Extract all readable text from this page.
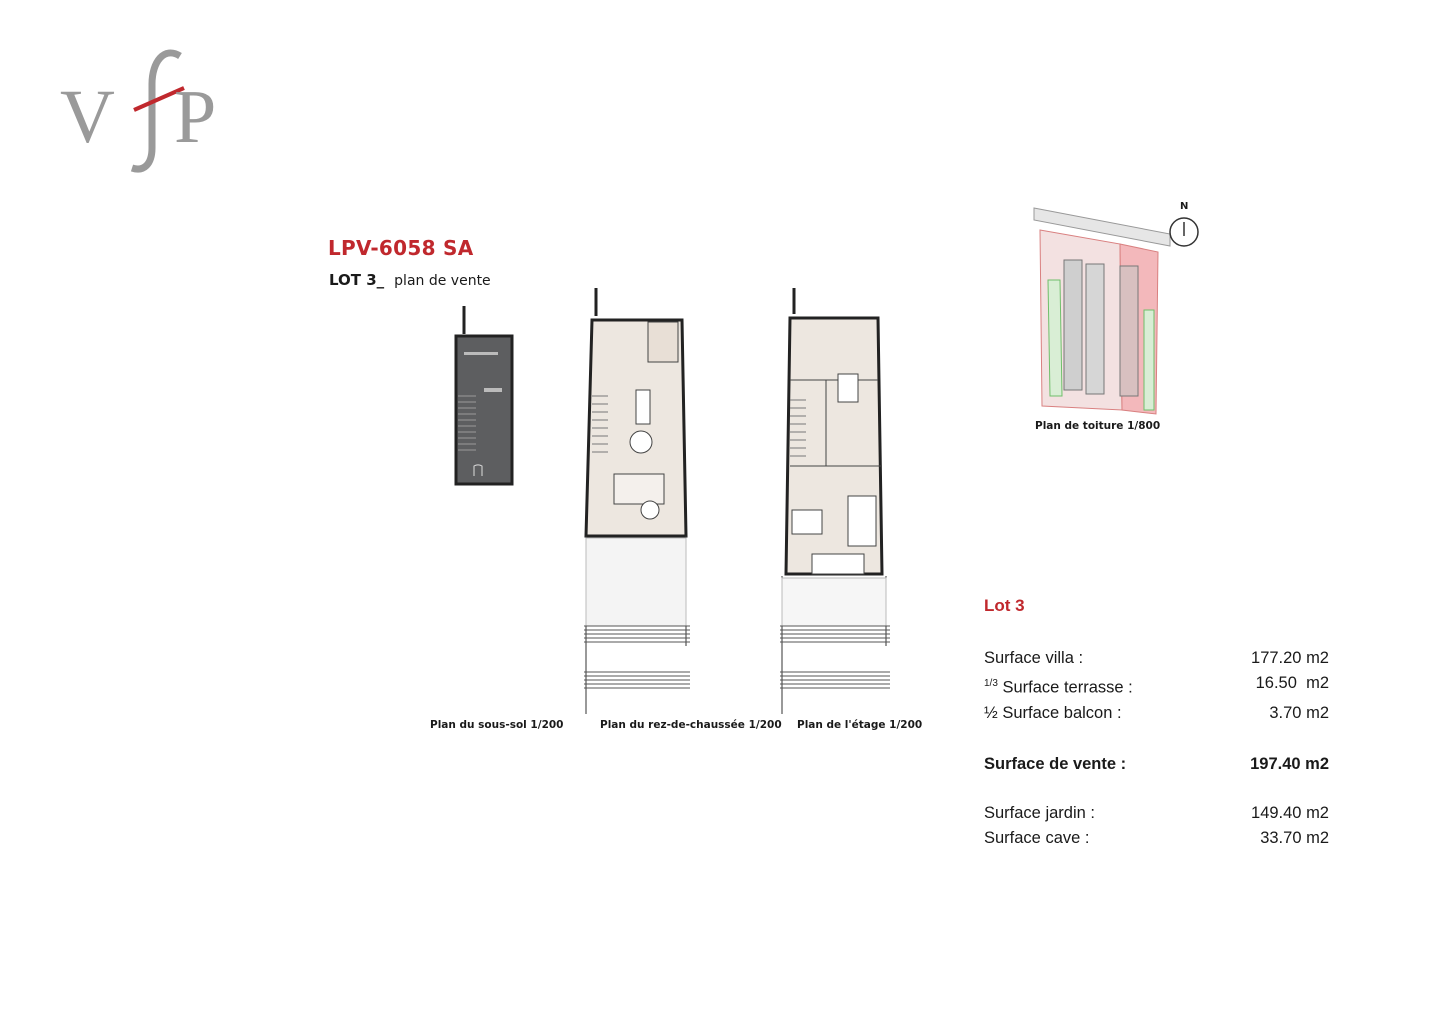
V P
LPV-6058 SA
LOT 3_ plan de vente
Plan du sous-sol 1/200	Plan du rez-de-chaussée 1/200 Plan de l'étage 1/200
N
Plan de toiture 1/800
Lot 3
Surface villa :	177.20 m2
$^{1/3}$ Surface terrasse :	16.50  m2
½ Surface balcon :	3.70 m2
Surface de vente :	197.40 m2
Surface jardin :	149.40 m2
Surface cave :	33.70 m2
